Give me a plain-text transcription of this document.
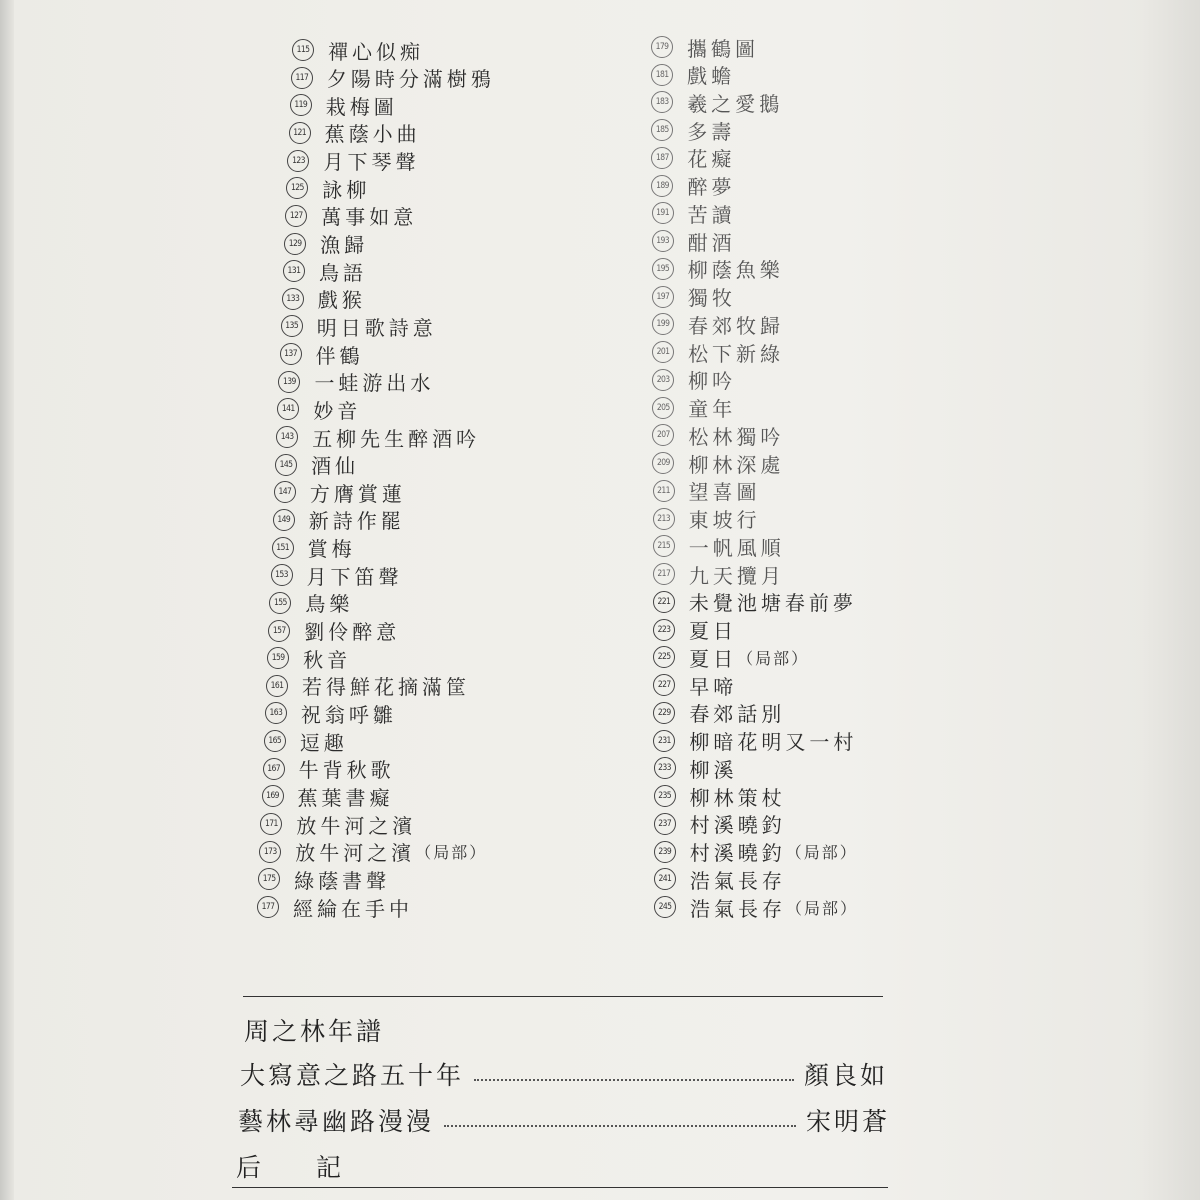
115 禪心似痴
117 夕陽時分滿樹鴉
119 栽梅圖
121 蕉蔭小曲
123 月下琴聲
125 詠柳
127 萬事如意
129 漁歸
131 鳥語
133 戲猴
135 明日歌詩意
137 伴鶴
139 一蛙游出水
141 妙音
143 五柳先生醉酒吟
145 酒仙
147 方膺賞蓮
149 新詩作罷
151 賞梅
153 月下笛聲
155 鳥樂
157 劉伶醉意
159 秋音
161 若得鮮花摘滿筐
163 祝翁呼雛
165 逗趣
167 牛背秋歌
169 蕉葉書癡
171 放牛河之濱
173 放牛河之濱 （局部）
175 綠蔭書聲
177 經綸在手中
179 攜鶴圖
181 戲蟾
183 羲之愛鵝
185 多壽
187 花癡
189 醉夢
191 苦讀
193 酣酒
195 柳蔭魚樂
197 獨牧
199 春郊牧歸
201 松下新綠
203 柳吟
205 童年
207 松林獨吟
209 柳林深處
211 望喜圖
213 東坡行
215 一帆風順
217 九天攬月
221 未覺池塘春前夢
223 夏日
225 夏日 （局部）
227 早啼
229 春郊話別
231 柳暗花明又一村
233 柳溪
235 柳林策杖
237 村溪曉釣
239 村溪曉釣 （局部）
241 浩氣長存
245 浩氣長存 （局部）
周之林年譜
大寫意之路五十年	顏良如
藝林尋幽路漫漫	宋明蒼
后 記
